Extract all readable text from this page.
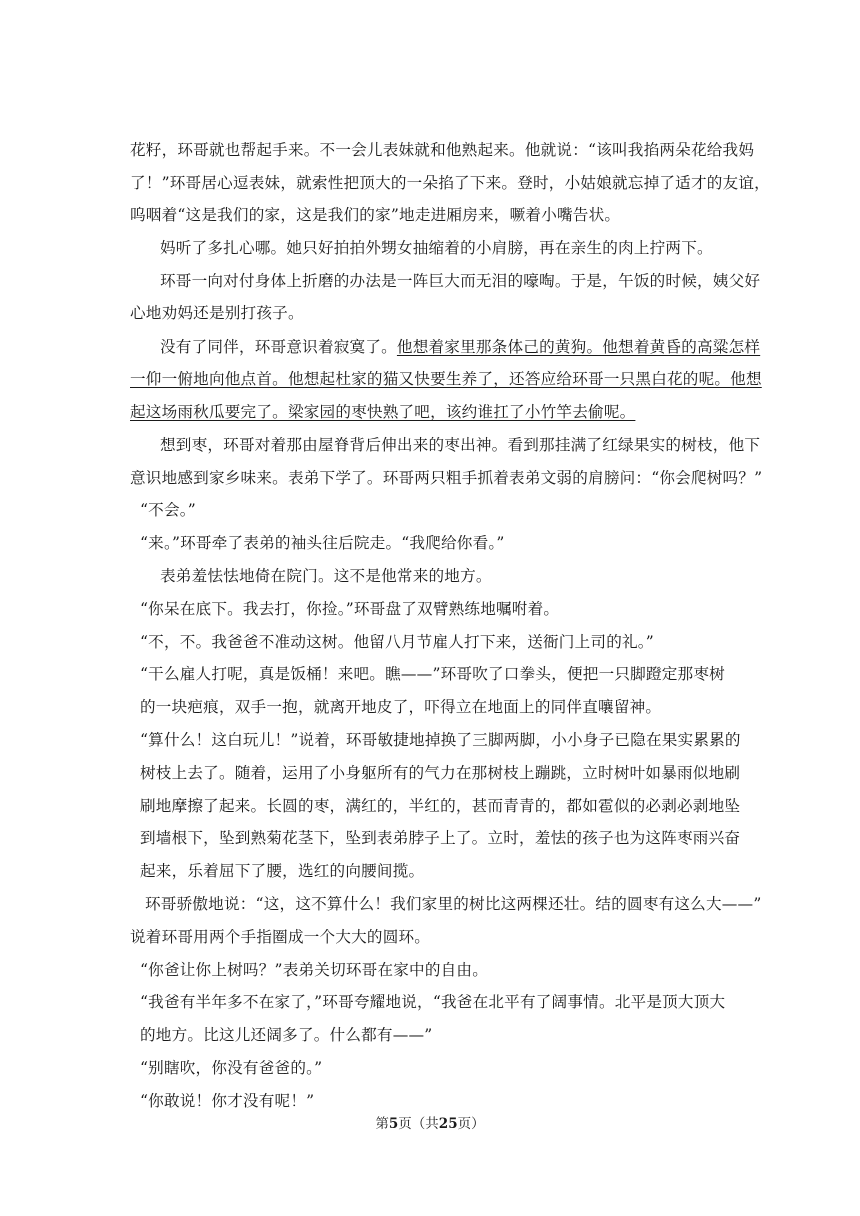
花籽，环哥就也帮起手来。不一会儿表妹就和他熟起来。他就说：“该叫我掐两朵花给我妈
了！”环哥居心逗表妹，就索性把顶大的一朵掐了下来。登时，小姑娘就忘掉了适才的友谊，
呜咽着“这是我们的家，这是我们的家”地走进厢房来，噘着小嘴告状。
妈听了多扎心哪。她只好拍拍外甥女抽缩着的小肩膀，再在亲生的肉上拧两下。
环哥一向对付身体上折磨的办法是一阵巨大而无泪的嚎啕。于是，午饭的时候，姨父好
心地劝妈还是别打孩子。
没有了同伴，环哥意识着寂寞了。他想着家里那条体己的黄狗。他想着黄昏的高粱怎样
一仰一俯地向他点首。他想起杜家的猫又快要生养了，还答应给环哥一只黑白花的呢。他想
起这场雨秋瓜要完了。梁家园的枣快熟了吧，该约谁扛了小竹竿去偷呢。
想到枣，环哥对着那由屋脊背后伸出来的枣出神。看到那挂满了红绿果实的树枝，他下
意识地感到家乡味来。表弟下学了。环哥两只粗手抓着表弟文弱的肩膀问：“你会爬树吗？”
“不会。”
“来。”环哥牵了表弟的袖头往后院走。“我爬给你看。”
表弟羞怯怯地倚在院门。这不是他常来的地方。
“你呆在底下。我去打，你捡。”环哥盘了双臂熟练地嘱咐着。
“不，不。我爸爸不准动这树。他留八月节雇人打下来，送衙门上司的礼。”
“干么雇人打呢，真是饭桶！来吧。瞧——”环哥吹了口拳头，便把一只脚蹬定那枣树
的一块疤痕，双手一抱，就离开地皮了，吓得立在地面上的同伴直嚷留神。
“算什么！这白玩儿！”说着，环哥敏捷地掉换了三脚两脚，小小身子已隐在果实累累的
树枝上去了。随着，运用了小身躯所有的气力在那树枝上蹦跳，立时树叶如暴雨似地刷
刷地摩擦了起来。长圆的枣，满红的，半红的，甚而青青的，都如雹似的必剥必剥地坠
到墙根下，坠到熟菊花茎下，坠到表弟脖子上了。立时，羞怯的孩子也为这阵枣雨兴奋
起来，乐着屈下了腰，选红的向腰间揽。
环哥骄傲地说：“这，这不算什么！我们家里的树比这两棵还壮。结的圆枣有这么大——”
说着环哥用两个手指圈成一个大大的圆环。
“你爸让你上树吗？”表弟关切环哥在家中的自由。
“我爸有半年多不在家了，”环哥夸耀地说，“我爸在北平有了阔事情。北平是顶大顶大
的地方。比这儿还阔多了。什么都有——”
“别瞎吹，你没有爸爸的。”
“你敢说！你才没有呢！”
第5页（共25页）
